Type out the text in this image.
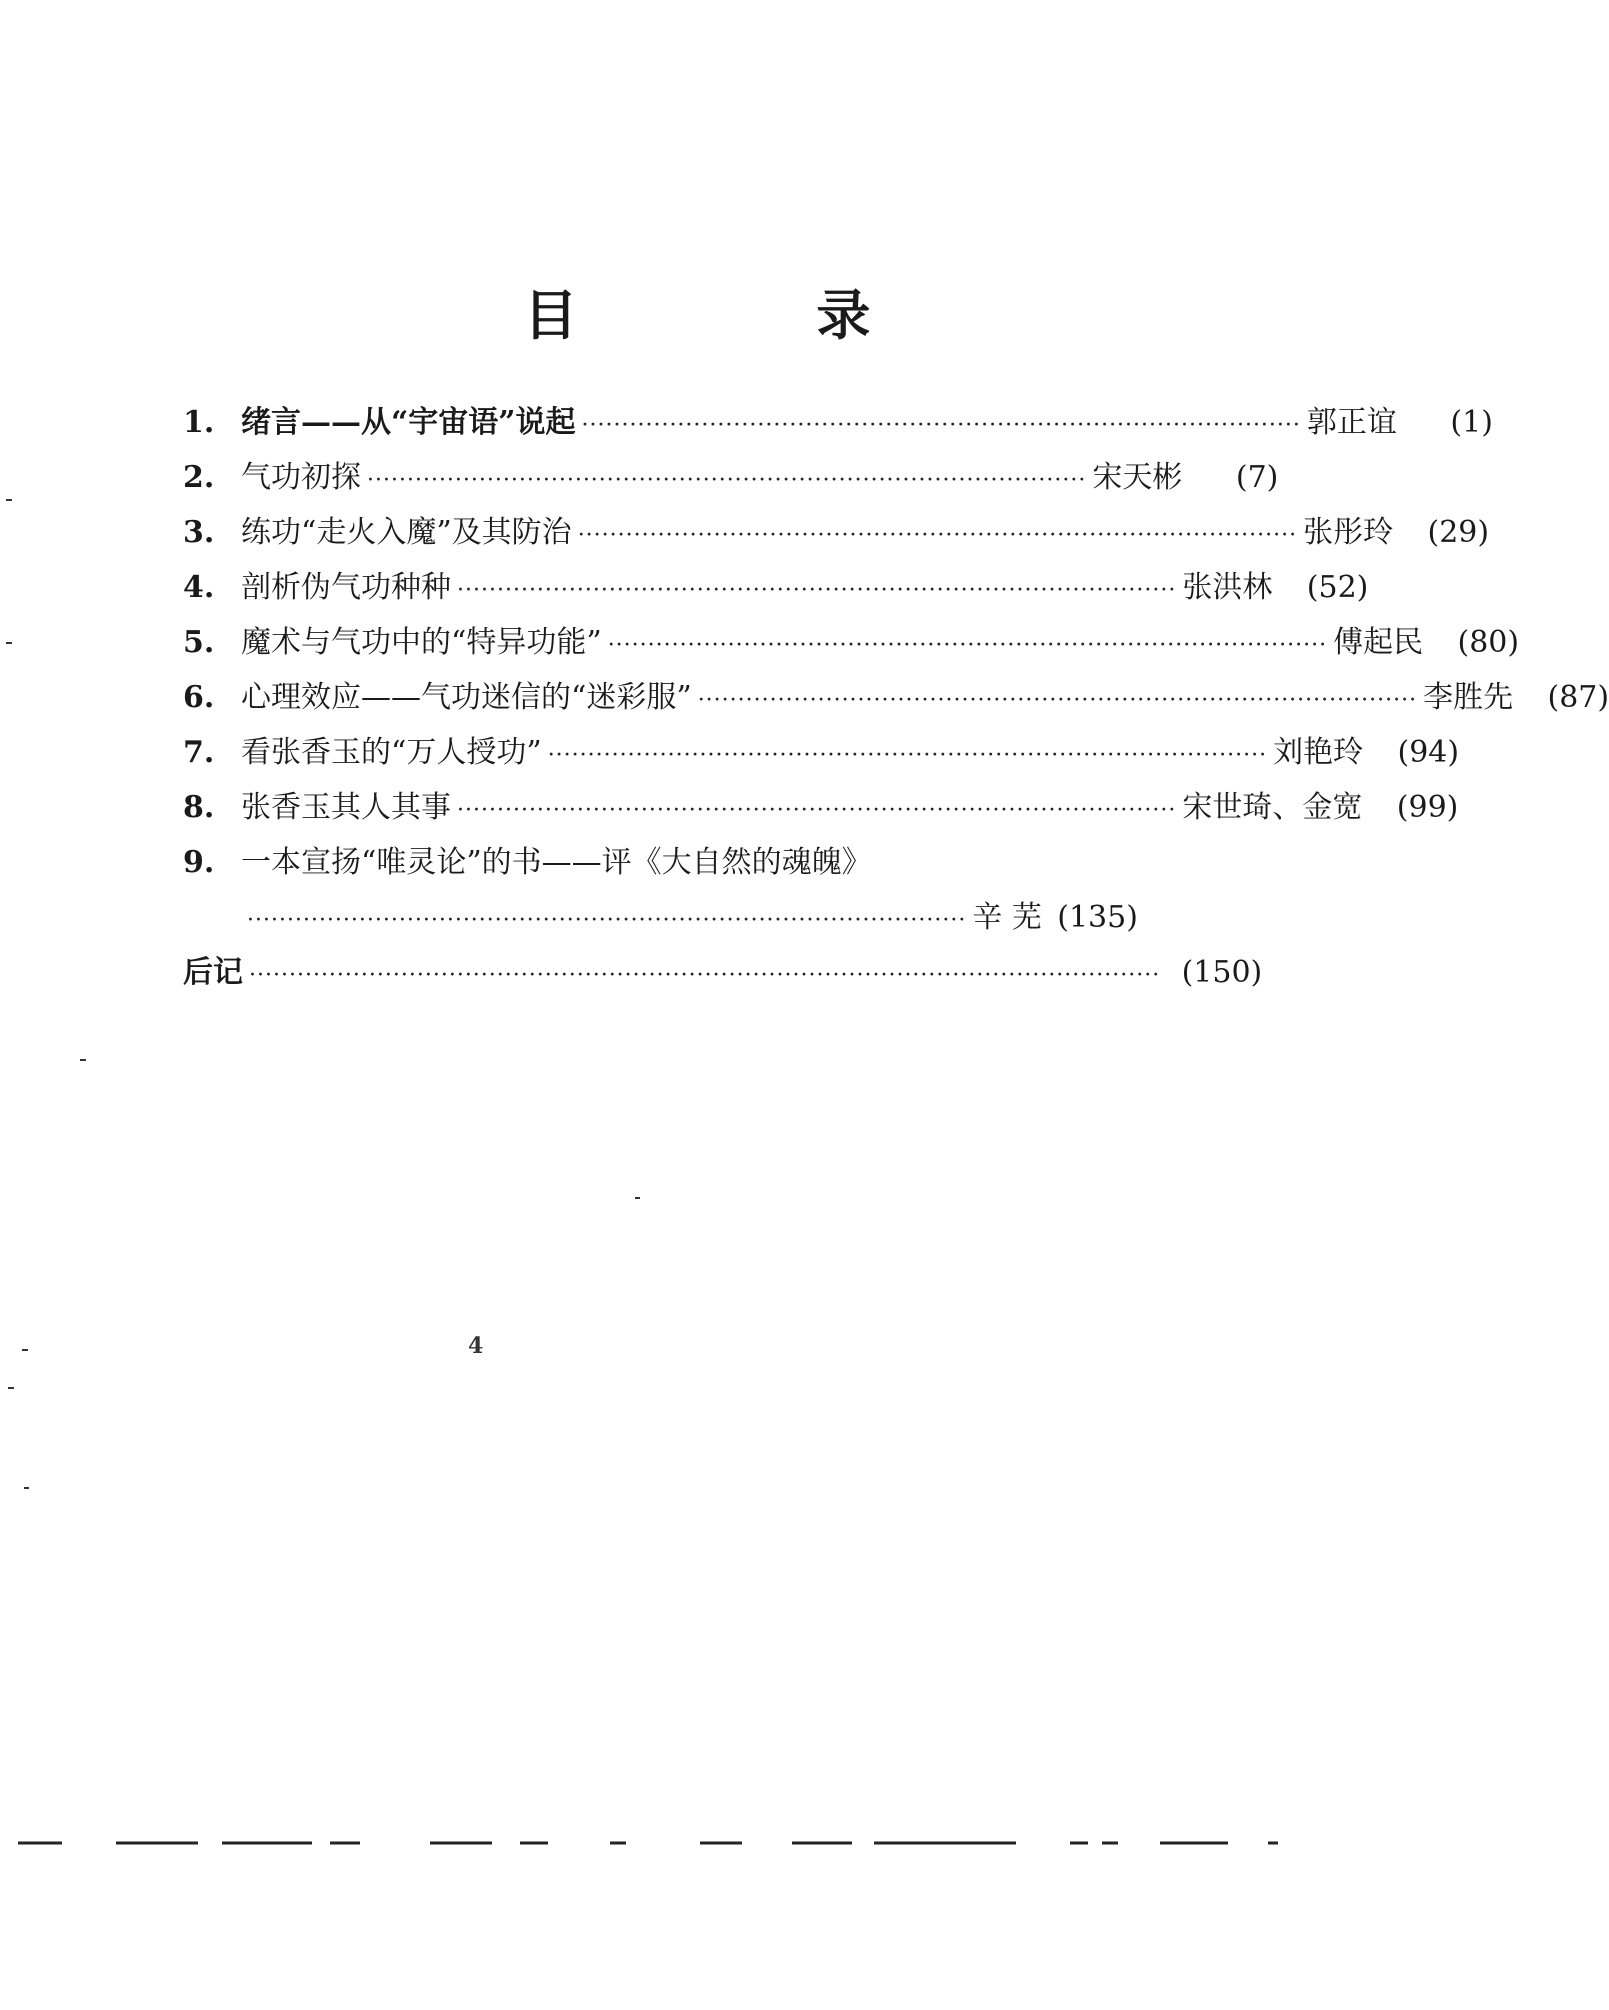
目 录
1. 绪言——从“宇宙语”说起 ·························································································· 郭正谊	(1)
2. 气功初探 ·························································································· 宋天彬	(7)
3. 练功“走火入魔”及其防治 ·························································································· 张彤玲	(29)
4. 剖析伪气功种种 ·························································································· 张洪林	(52)
5. 魔术与气功中的“特异功能” ·························································································· 傅起民	(80)
6. 心理效应——气功迷信的“迷彩服” ·························································································· 李胜先	(87)
7. 看张香玉的“万人授功” ·························································································· 刘艳玲	(94)
8. 张香玉其人其事 ·························································································· 宋世琦、金宽	(99)
9. 一本宣扬“唯灵论”的书——评《大自然的魂魄》
·························································································· 辛 芜 (135)
后记 ·················································································································· (150)
4
